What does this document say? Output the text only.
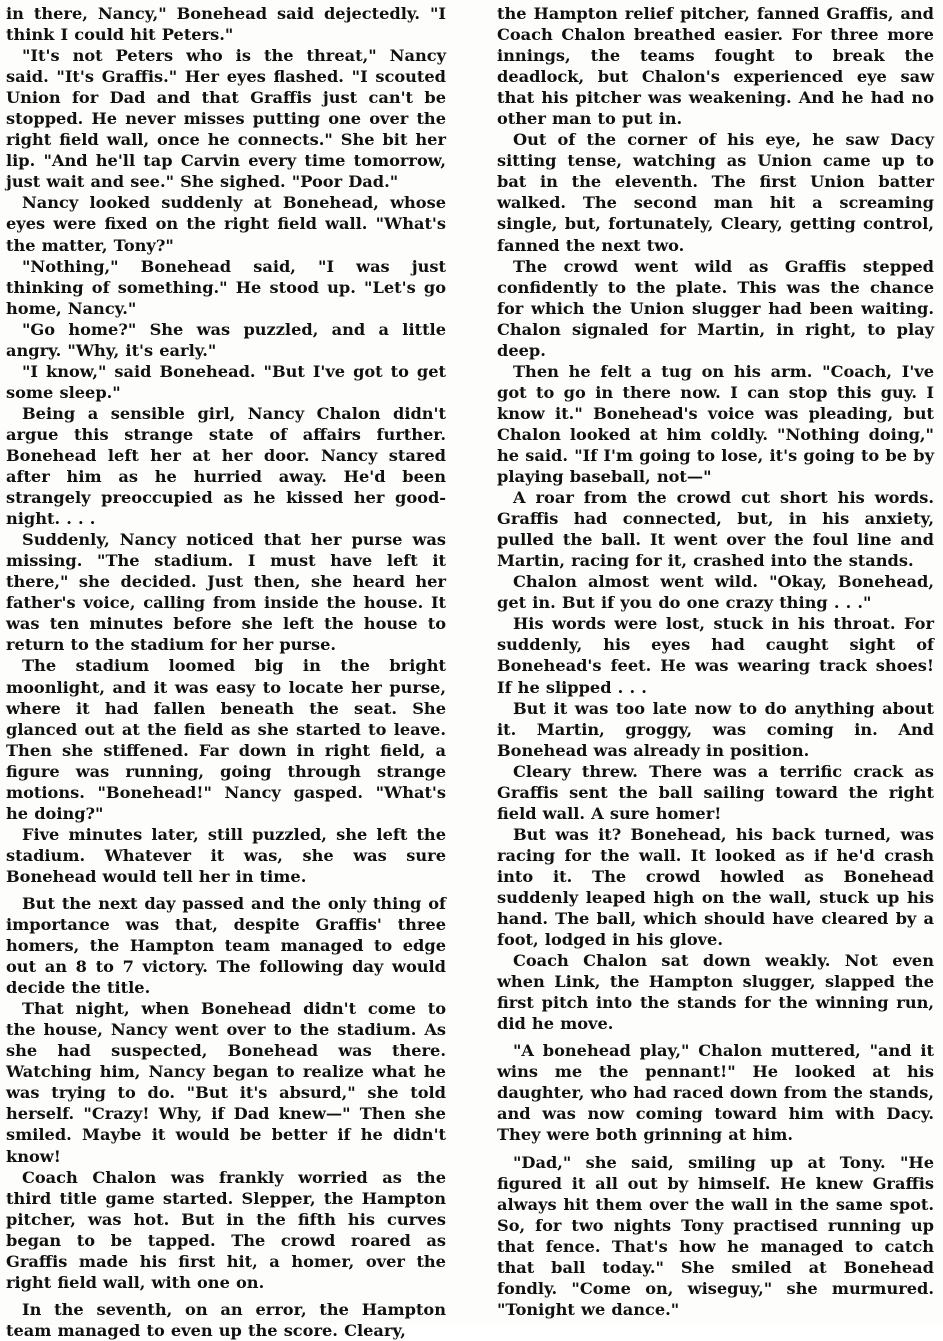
in there, Nancy," Bonehead said dejectedly. "I think I could hit Peters."

"It's not Peters who is the threat," Nancy said. "It's Graffis." Her eyes flashed. "I scouted Union for Dad and that Graffis just can't be stopped. He never misses putting one over the right field wall, once he connects." She bit her lip. "And he'll tap Carvin every time tomorrow, just wait and see." She sighed. "Poor Dad."

Nancy looked suddenly at Bonehead, whose eyes were fixed on the right field wall. "What's the matter, Tony?"

"Nothing," Bonehead said, "I was just thinking of something." He stood up. "Let's go home, Nancy."

"Go home?" She was puzzled, and a little angry. "Why, it's early."

"I know," said Bonehead. "But I've got to get some sleep."

Being a sensible girl, Nancy Chalon didn't argue this strange state of affairs further. Bonehead left her at her door. Nancy stared after him as he hurried away. He'd been strangely preoccupied as he kissed her good-night. . . .

Suddenly, Nancy noticed that her purse was missing. "The stadium. I must have left it there," she decided. Just then, she heard her father's voice, calling from inside the house. It was ten minutes before she left the house to return to the stadium for her purse.

The stadium loomed big in the bright moonlight, and it was easy to locate her purse, where it had fallen beneath the seat. She glanced out at the field as she started to leave. Then she stiffened. Far down in right field, a figure was running, going through strange motions. "Bonehead!" Nancy gasped. "What's he doing?"

Five minutes later, still puzzled, she left the stadium. Whatever it was, she was sure Bonehead would tell her in time.

But the next day passed and the only thing of importance was that, despite Graffis' three homers, the Hampton team managed to edge out an 8 to 7 victory. The following day would decide the title.

That night, when Bonehead didn't come to the house, Nancy went over to the stadium. As she had suspected, Bonehead was there. Watching him, Nancy began to realize what he was trying to do. "But it's absurd," she told herself. "Crazy! Why, if Dad knew—" Then she smiled. Maybe it would be better if he didn't know!

Coach Chalon was frankly worried as the third title game started. Slepper, the Hampton pitcher, was hot. But in the fifth his curves began to be tapped. The crowd roared as Graffis made his first hit, a homer, over the right field wall, with one on.

In the seventh, on an error, the Hampton team managed to even up the score. Cleary,

the Hampton relief pitcher, fanned Graffis, and Coach Chalon breathed easier. For three more innings, the teams fought to break the deadlock, but Chalon's experienced eye saw that his pitcher was weakening. And he had no other man to put in.

Out of the corner of his eye, he saw Dacy sitting tense, watching as Union came up to bat in the eleventh. The first Union batter walked. The second man hit a screaming single, but, fortunately, Cleary, getting control, fanned the next two.

The crowd went wild as Graffis stepped confidently to the plate. This was the chance for which the Union slugger had been waiting. Chalon signaled for Martin, in right, to play deep.

Then he felt a tug on his arm. "Coach, I've got to go in there now. I can stop this guy. I know it." Bonehead's voice was pleading, but Chalon looked at him coldly. "Nothing doing," he said. "If I'm going to lose, it's going to be by playing baseball, not—"

A roar from the crowd cut short his words. Graffis had connected, but, in his anxiety, pulled the ball. It went over the foul line and Martin, racing for it, crashed into the stands.

Chalon almost went wild. "Okay, Bonehead, get in. But if you do one crazy thing . . ."

His words were lost, stuck in his throat. For suddenly, his eyes had caught sight of Bonehead's feet. He was wearing track shoes! If he slipped . . .

But it was too late now to do anything about it. Martin, groggy, was coming in. And Bonehead was already in position.

Cleary threw. There was a terrific crack as Graffis sent the ball sailing toward the right field wall. A sure homer!

But was it? Bonehead, his back turned, was racing for the wall. It looked as if he'd crash into it. The crowd howled as Bonehead suddenly leaped high on the wall, stuck up his hand. The ball, which should have cleared by a foot, lodged in his glove.

Coach Chalon sat down weakly. Not even when Link, the Hampton slugger, slapped the first pitch into the stands for the winning run, did he move.

"A bonehead play," Chalon muttered, "and it wins me the pennant!" He looked at his daughter, who had raced down from the stands, and was now coming toward him with Dacy. They were both grinning at him.

"Dad," she said, smiling up at Tony. "He figured it all out by himself. He knew Graffis always hit them over the wall in the same spot. So, for two nights Tony practised running up that fence. That's how he managed to catch that ball today." She smiled at Bonehead fondly. "Come on, wiseguy," she murmured. "Tonight we dance."
